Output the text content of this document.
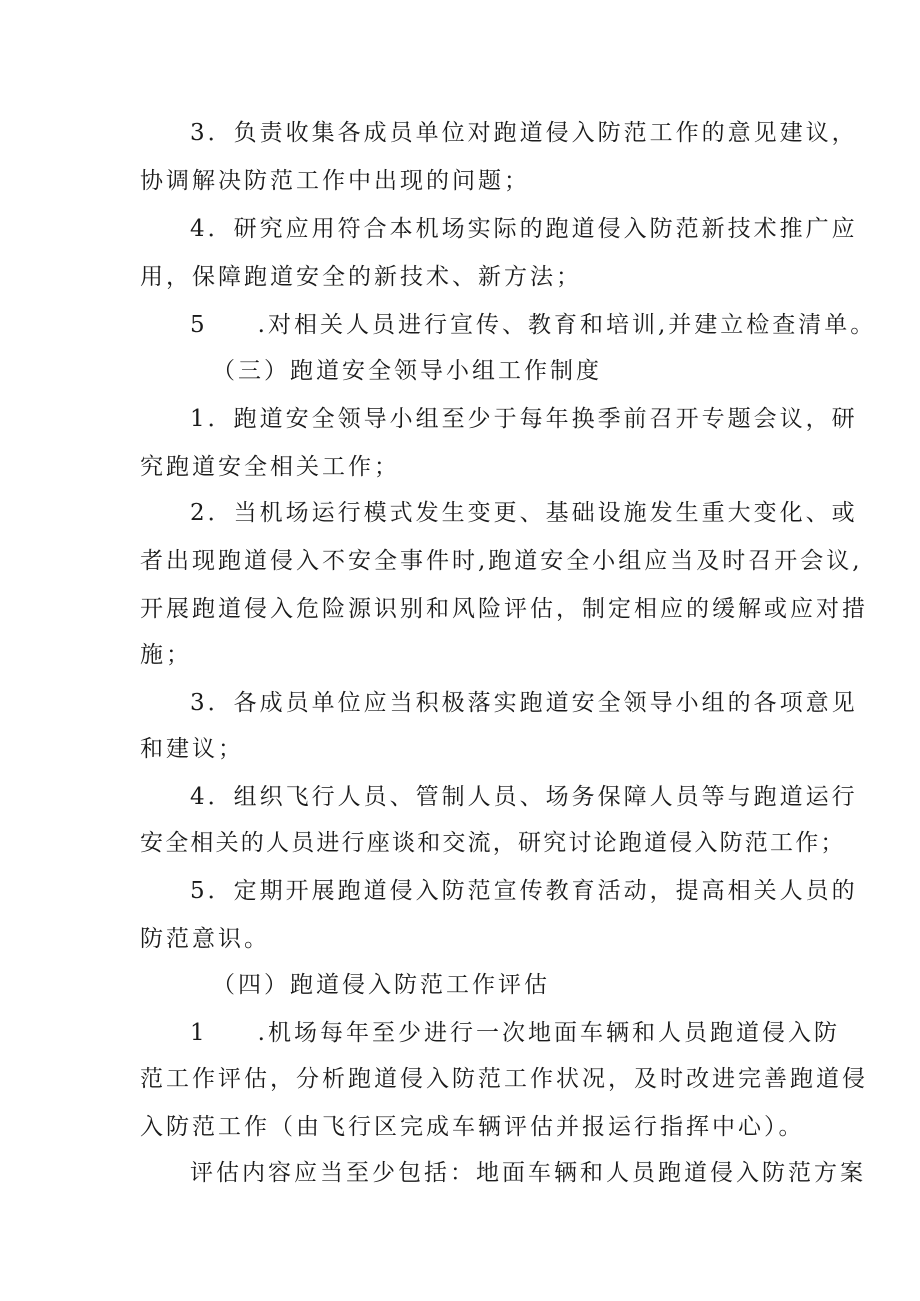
3．负责收集各成员单位对跑道侵入防范工作的意见建议，
协调解决防范工作中出现的问题；
4．研究应用符合本机场实际的跑道侵入防范新技术推广应
用，保障跑道安全的新技术、新方法；
5 .对相关人员进行宣传、教育和培训,并建立检查清单。
（三）跑道安全领导小组工作制度
1．跑道安全领导小组至少于每年换季前召开专题会议，研
究跑道安全相关工作；
2．当机场运行模式发生变更、基础设施发生重大变化、或
者出现跑道侵入不安全事件时,跑道安全小组应当及时召开会议,
开展跑道侵入危险源识别和风险评估，制定相应的缓解或应对措
施；
3．各成员单位应当积极落实跑道安全领导小组的各项意见
和建议；
4．组织飞行人员、管制人员、场务保障人员等与跑道运行
安全相关的人员进行座谈和交流，研究讨论跑道侵入防范工作；
5．定期开展跑道侵入防范宣传教育活动，提高相关人员的
防范意识。
（四）跑道侵入防范工作评估
1 .机场每年至少进行一次地面车辆和人员跑道侵入防
范工作评估，分析跑道侵入防范工作状况，及时改进完善跑道侵
入防范工作（由飞行区完成车辆评估并报运行指挥中心）。
评估内容应当至少包括：地面车辆和人员跑道侵入防范方案
